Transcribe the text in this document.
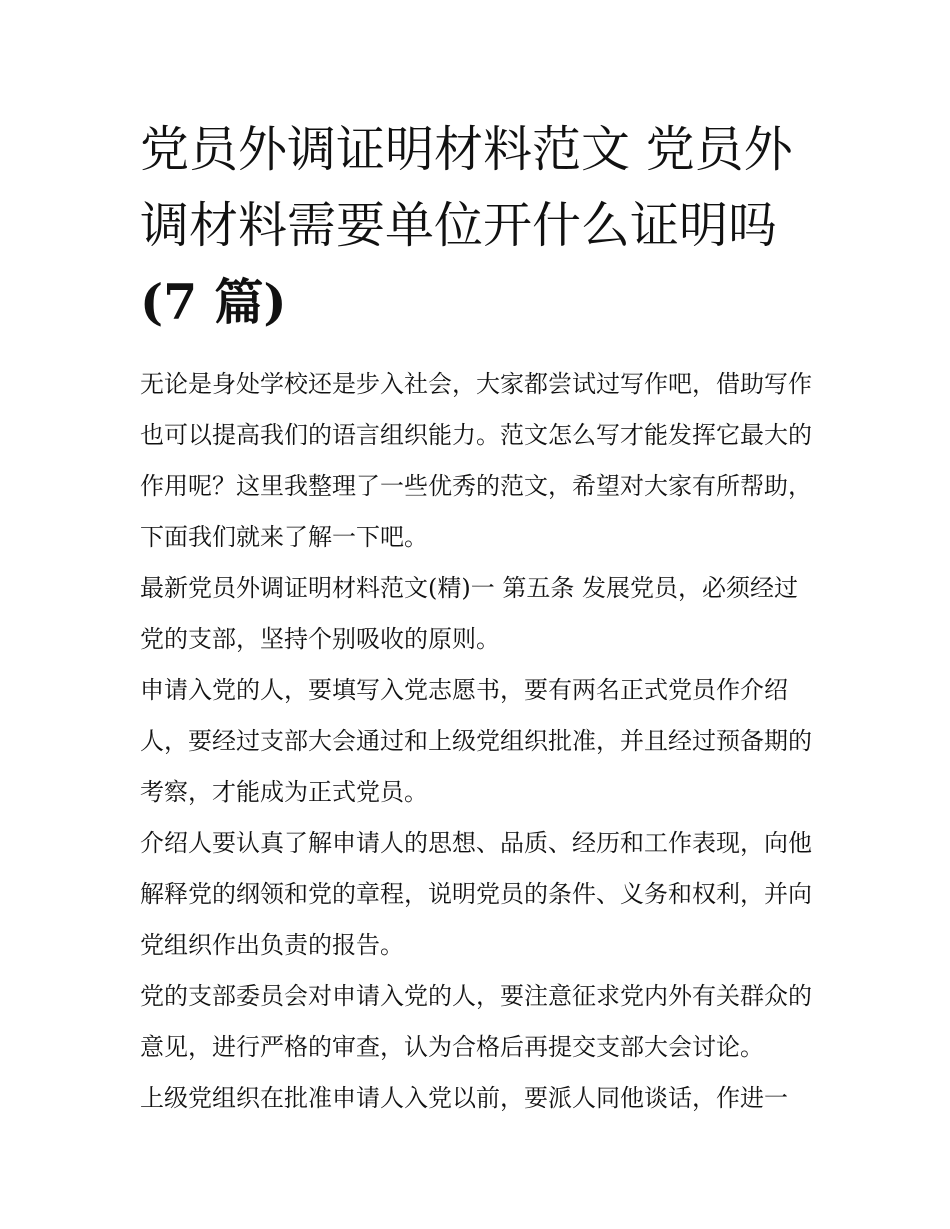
党员外调证明材料范文 党员外调材料需要单位开什么证明吗(7 篇)

无论是身处学校还是步入社会，大家都尝试过写作吧，借助写作也可以提高我们的语言组织能力。范文怎么写才能发挥它最大的作用呢？这里我整理了一些优秀的范文，希望对大家有所帮助，下面我们就来了解一下吧。

最新党员外调证明材料范文(精)一 第五条 发展党员，必须经过党的支部，坚持个别吸收的原则。

申请入党的人，要填写入党志愿书，要有两名正式党员作介绍人，要经过支部大会通过和上级党组织批准，并且经过预备期的考察，才能成为正式党员。

介绍人要认真了解申请人的思想、品质、经历和工作表现，向他解释党的纲领和党的章程，说明党员的条件、义务和权利，并向党组织作出负责的报告。

党的支部委员会对申请入党的人，要注意征求党内外有关群众的意见，进行严格的审查，认为合格后再提交支部大会讨论。

上级党组织在批准申请人入党以前，要派人同他谈话，作进一
